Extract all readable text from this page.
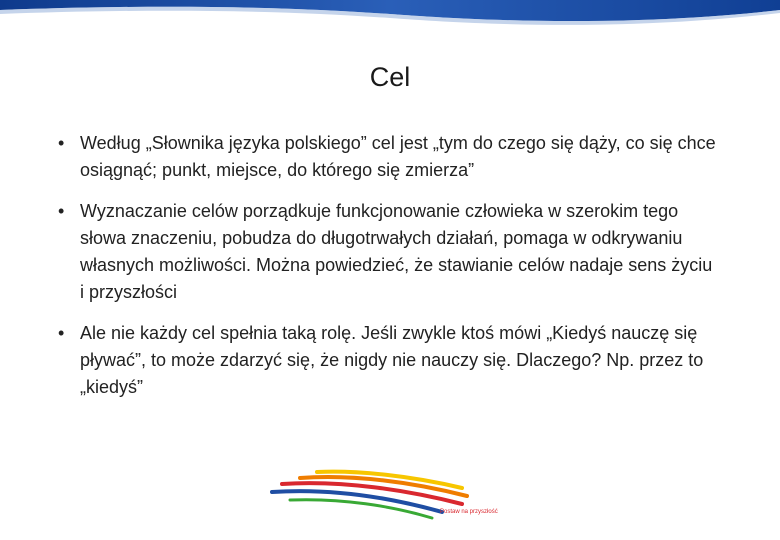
Cel
• Według „Słownika języka polskiego” cel jest „tym do czego się dąży, co się chce osiągnąć; punkt, miejsce, do którego się zmierza”
• Wyznaczanie celów porządkuje funkcjonowanie człowieka w szerokim tego słowa znaczeniu, pobudza do długotrwałych działań, pomaga w odkrywaniu własnych możliwości. Można powiedzieć, że stawianie celów nadaje sens życiu i przyszłości
• Ale nie każdy cel spełnia taką rolę. Jeśli zwykle ktoś mówi „Kiedyś nauczę się pływać”, to może zdarzyć się, że nigdy nie nauczy się. Dlaczego? Np. przez to „kiedyś”
Postaw na przyszłość
